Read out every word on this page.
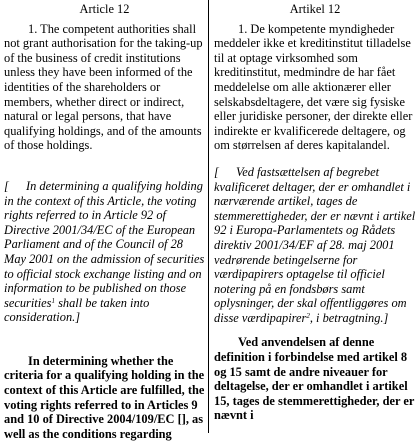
Article 12

1. The competent authorities shall not grant authorisation for the taking-up of the business of credit institutions unless they have been informed of the identities of the shareholders or members, whether direct or indirect, natural or legal persons, that have qualifying holdings, and of the amounts of those holdings.

[ In determining a qualifying holding in the context of this Article, the voting rights referred to in Article 92 of Directive 2001/34/EC of the European Parliament and of the Council of 28 May 2001 on the admission of securities to official stock exchange listing and on information to be published on those securities$^1$ shall be taken into consideration.]

In determining whether the criteria for a qualifying holding in the context of this Article are fulfilled, the voting rights referred to in Articles 9 and 10 of Directive 2004/109/EC [], as well as the conditions regarding

Artikel 12

1. De kompetente myndigheder meddeler ikke et kreditinstitut tilladelse til at optage virksomhed som kreditinstitut, medmindre de har fået meddelelse om alle aktionærer eller selskabsdeltagere, det være sig fysiske eller juridiske personer, der direkte eller indirekte er kvalificerede deltagere, og om størrelsen af deres kapitalandel.

[ Ved fastsættelsen af begrebet kvalificeret deltager, der er omhandlet i nærværende artikel, tages de stemmerettigheder, der er nævnt i artikel 92 i Europa-Parlamentets og Rådets direktiv 2001/34/EF af 28. maj 2001 vedrørende betingelserne for værdipapirers optagelse til officiel notering på en fondsbørs samt oplysninger, der skal offentliggøres om disse værdipapirer$^2$, i betragtning.]

Ved anvendelsen af denne definition i forbindelse med artikel 8 og 15 samt de andre niveauer for deltagelse, der er omhandlet i artikel 15, tages de stemmerettigheder, der er nævnt i
